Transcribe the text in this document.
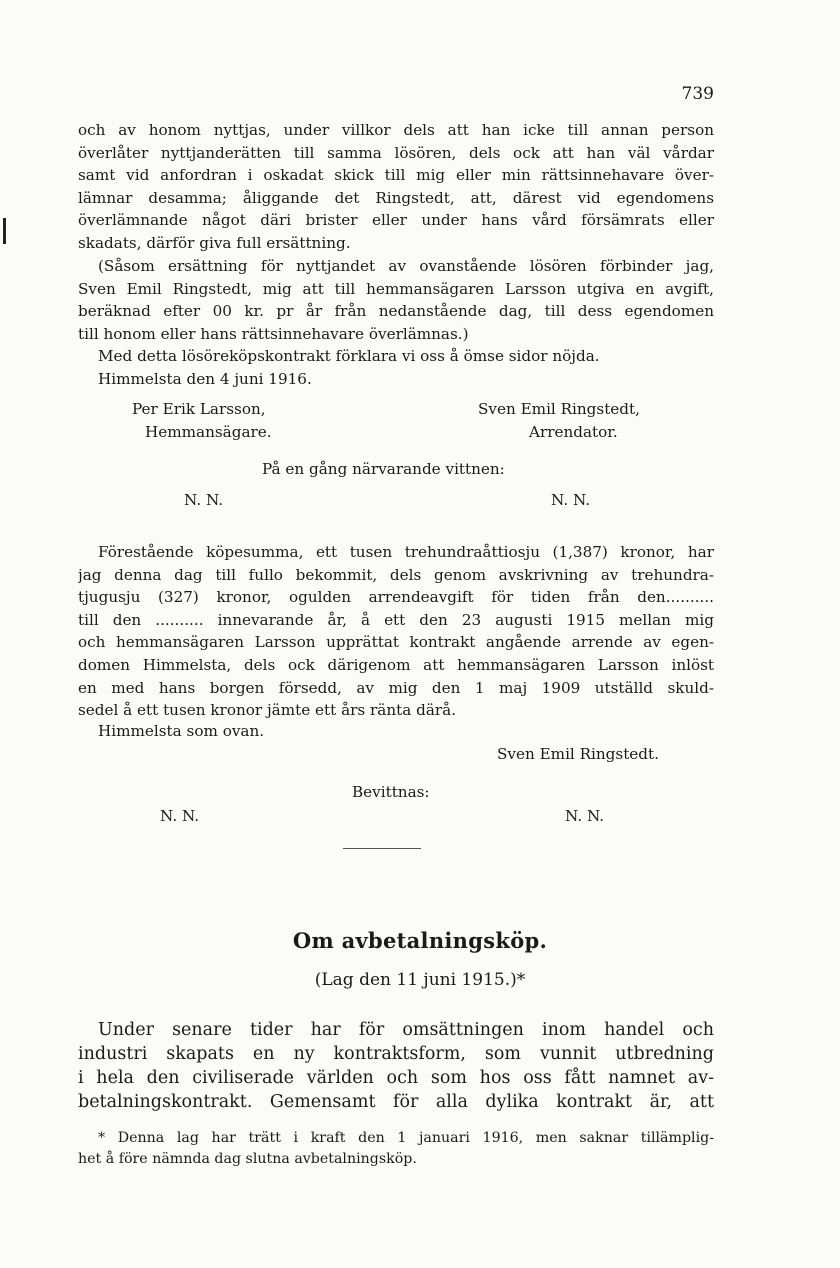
739
och av honom nyttjas, under villkor dels att han icke till annan person
överlåter nyttjanderätten till samma lösören, dels ock att han väl vårdar
samt vid anfordran i oskadat skick till mig eller min rättsinnehavare över-
lämnar desamma; åliggande det Ringstedt, att, därest vid egendomens
överlämnande något däri brister eller under hans vård försämrats eller
skadats, därför giva full ersättning.
(Såsom ersättning för nyttjandet av ovanstående lösören förbinder jag,
Sven Emil Ringstedt, mig att till hemmansägaren Larsson utgiva en avgift,
beräknad efter 00 kr. pr år från nedanstående dag, till dess egendomen
till honom eller hans rättsinnehavare överlämnas.)
Med detta lösöreköpskontrakt förklara vi oss å ömse sidor nöjda.
Himmelsta den 4 juni 1916.
Per Erik Larsson,
Hemmansägare.
Sven Emil Ringstedt,
Arrendator.
På en gång närvarande vittnen:
N. N.	N. N.
Förestående köpesumma, ett tusen trehundraåttiosju (1,387) kronor, har
jag denna dag till fullo bekommit, dels genom avskrivning av trehundra-
tjugusju (327) kronor, ogulden arrendeavgift för tiden från den..........
till den .......... innevarande år, å ett den 23 augusti 1915 mellan mig
och hemmansägaren Larsson upprättat kontrakt angående arrende av egen-
domen Himmelsta, dels ock därigenom att hemmansägaren Larsson inlöst
en med hans borgen försedd, av mig den 1 maj 1909 utställd skuld-
sedel å ett tusen kronor jämte ett års ränta därå.
Himmelsta som ovan.
Sven Emil Ringstedt.
Bevittnas:
N. N.	N. N.
Om avbetalningsköp.
(Lag den 11 juni 1915.)*
Under senare tider har för omsättningen inom handel och
industri skapats en ny kontraktsform, som vunnit utbredning
i hela den civiliserade världen och som hos oss fått namnet av-
betalningskontrakt. Gemensamt för alla dylika kontrakt är, att
* Denna lag har trätt i kraft den 1 januari 1916, men saknar tillämplig-
het å före nämnda dag slutna avbetalningsköp.
